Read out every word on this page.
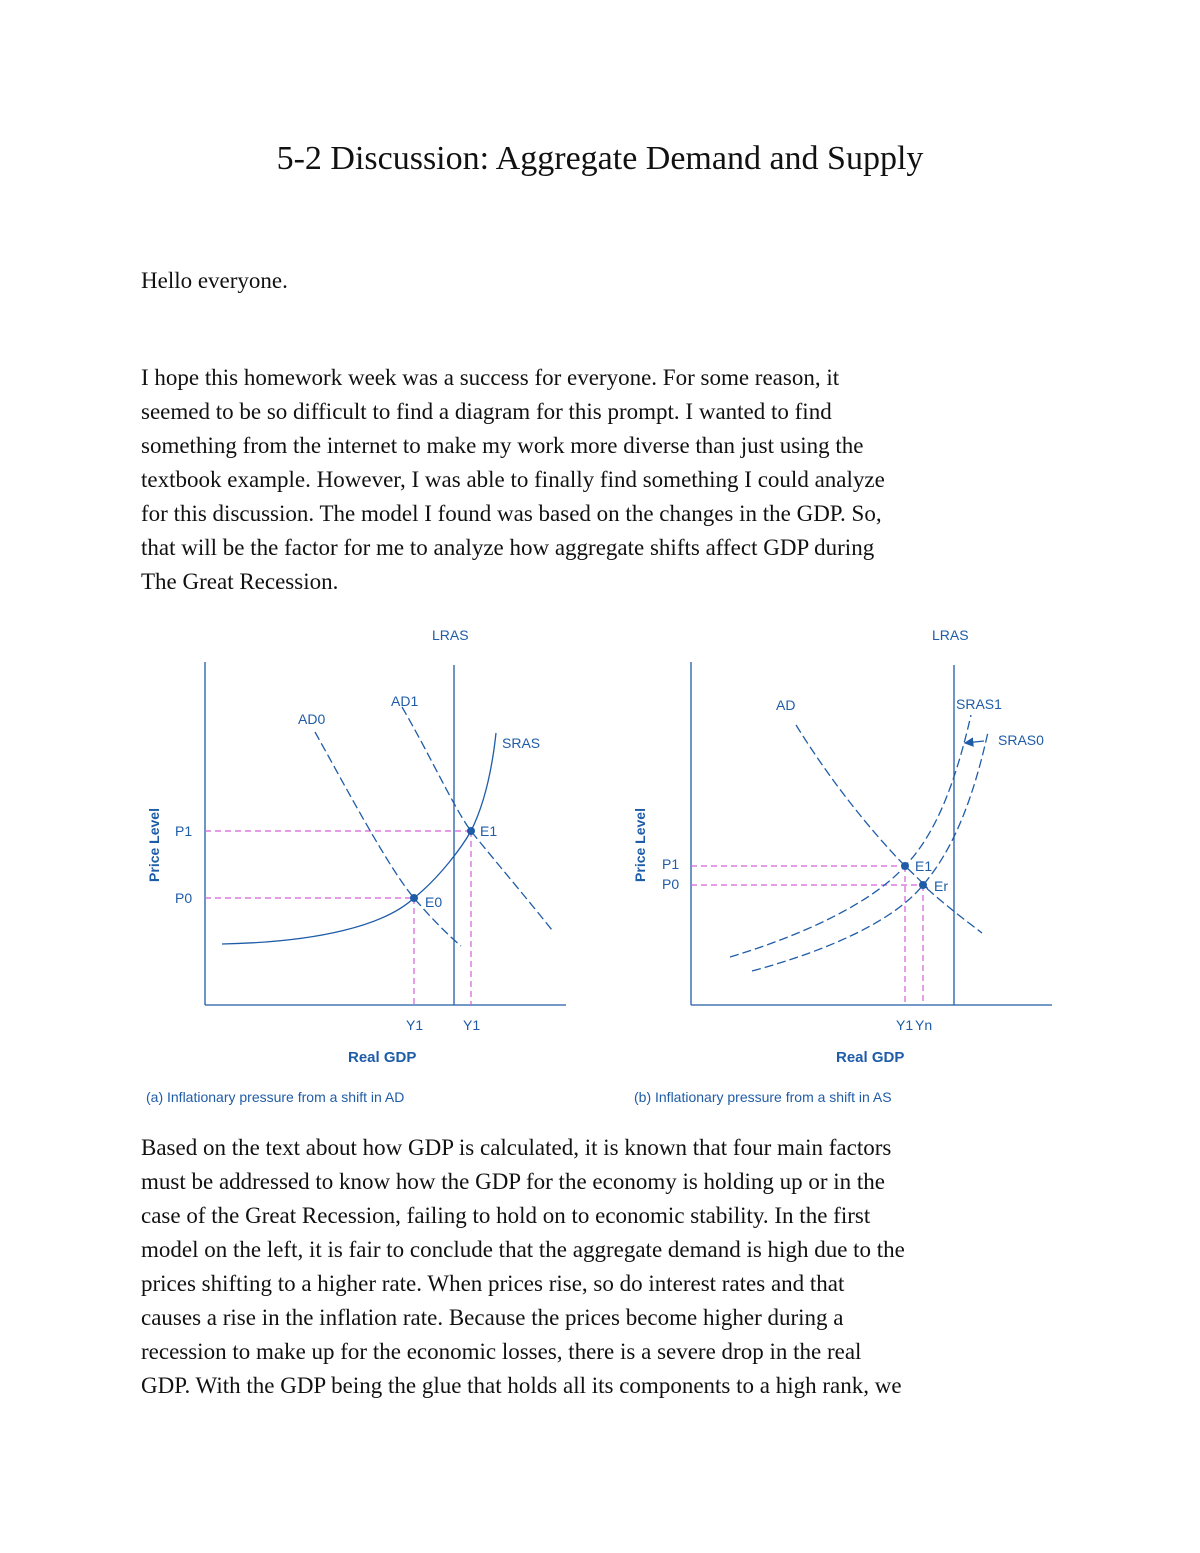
5-2 Discussion: Aggregate Demand and Supply

Hello everyone.

I hope this homework week was a success for everyone. For some reason, it
seemed to be so difficult to find a diagram for this prompt. I wanted to find
something from the internet to make my work more diverse than just using the
textbook example. However, I was able to finally find something I could analyze
for this discussion. The model I found was based on the changes in the GDP. So,
that will be the factor for me to analyze how aggregate shifts affect GDP during
The Great Recession.

LRAS
SRAS
AD0
AD1
E1
E0
P1
P0
Y1	Y1
Real GDP
Price Level
(a) Inflationary pressure from a shift in AD
LRAS
AD	SRAS1
SRAS0
E1
Er
P1
P0
Y1 Yn
Real GDP
Price Level
(b) Inflationary pressure from a shift in AS

Based on the text about how GDP is calculated, it is known that four main factors
must be addressed to know how the GDP for the economy is holding up or in the
case of the Great Recession, failing to hold on to economic stability. In the first
model on the left, it is fair to conclude that the aggregate demand is high due to the
prices shifting to a higher rate. When prices rise, so do interest rates and that
causes a rise in the inflation rate. Because the prices become higher during a
recession to make up for the economic losses, there is a severe drop in the real
GDP. With the GDP being the glue that holds all its components to a high rank, we
